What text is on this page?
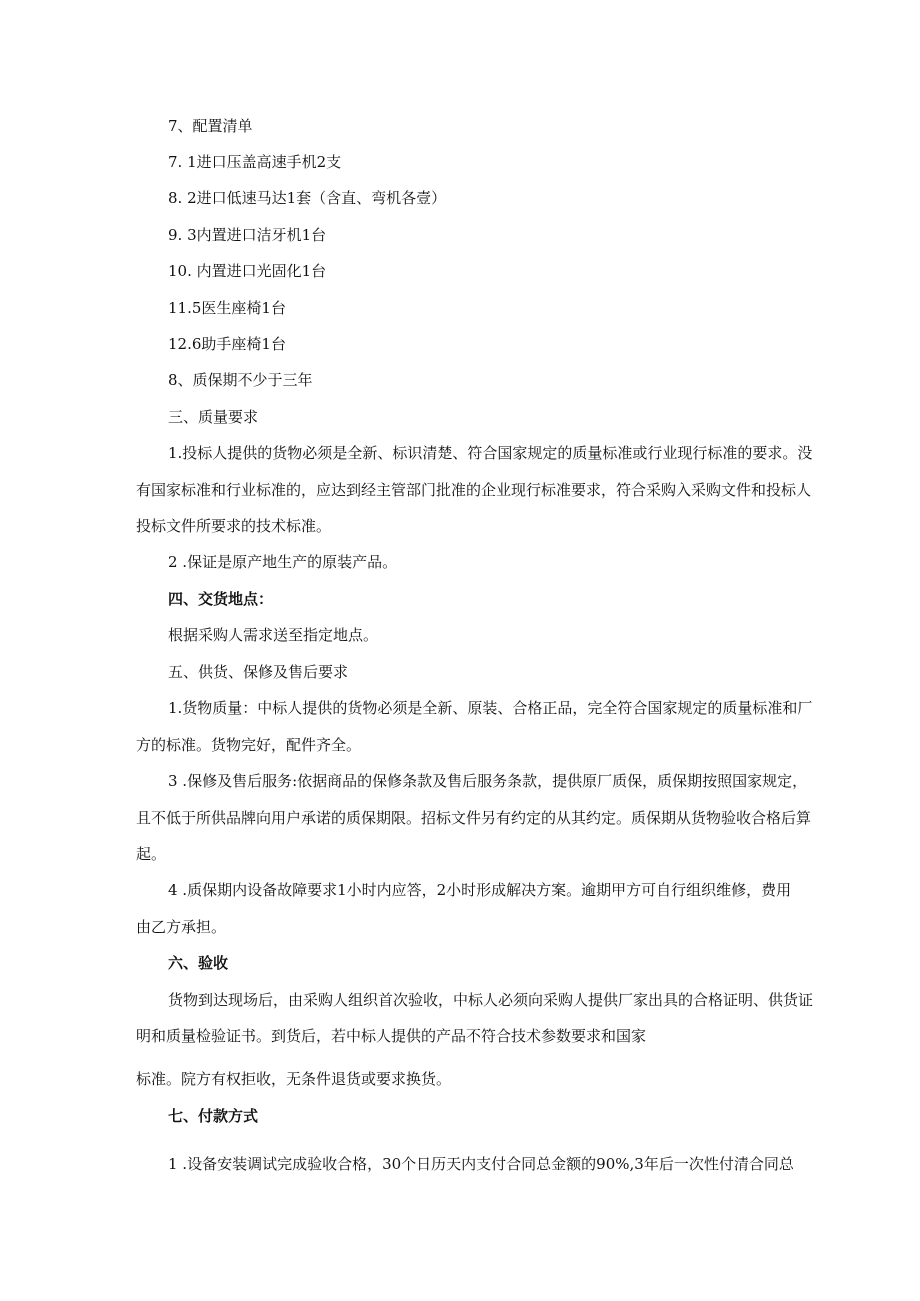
7、配置清单
7. 1进口压盖高速手机2支
8. 2进口低速马达1套（含直、弯机各壹）
9. 3内置进口洁牙机1台
10. 内置进口光固化1台
11.5医生座椅1台
12.6助手座椅1台
8、质保期不少于三年
三、质量要求
1.投标人提供的货物必须是全新、标识清楚、符合国家规定的质量标准或行业现行标准的要求。没
有国家标准和行业标准的，应达到经主管部门批准的企业现行标准要求，符合采购入采购文件和投标人
投标文件所要求的技术标准。
2 .保证是原产地生产的原装产品。
四、交货地点：
根据采购人需求送至指定地点。
五、供货、保修及售后要求
1.货物质量：中标人提供的货物必须是全新、原装、合格正品，完全符合国家规定的质量标准和厂
方的标准。货物完好，配件齐全。
3 .保修及售后服务:依据商品的保修条款及售后服务条款，提供原厂质保，质保期按照国家规定，
且不低于所供品牌向用户承诺的质保期限。招标文件另有约定的从其约定。质保期从货物验收合格后算
起。
4 .质保期内设备故障要求1小时内应答，2小时形成解决方案。逾期甲方可自行组织维修，费用
由乙方承担。
六、验收
货物到达现场后，由采购人组织首次验收，中标人必须向采购人提供厂家出具的合格证明、供货证
明和质量检验证书。到货后，若中标人提供的产品不符合技术参数要求和国家
标准。院方有权拒收，无条件退货或要求换货。
七、付款方式
1 .设备安装调试完成验收合格，30个日历天内支付合同总金额的90%,3年后一次性付清合同总
